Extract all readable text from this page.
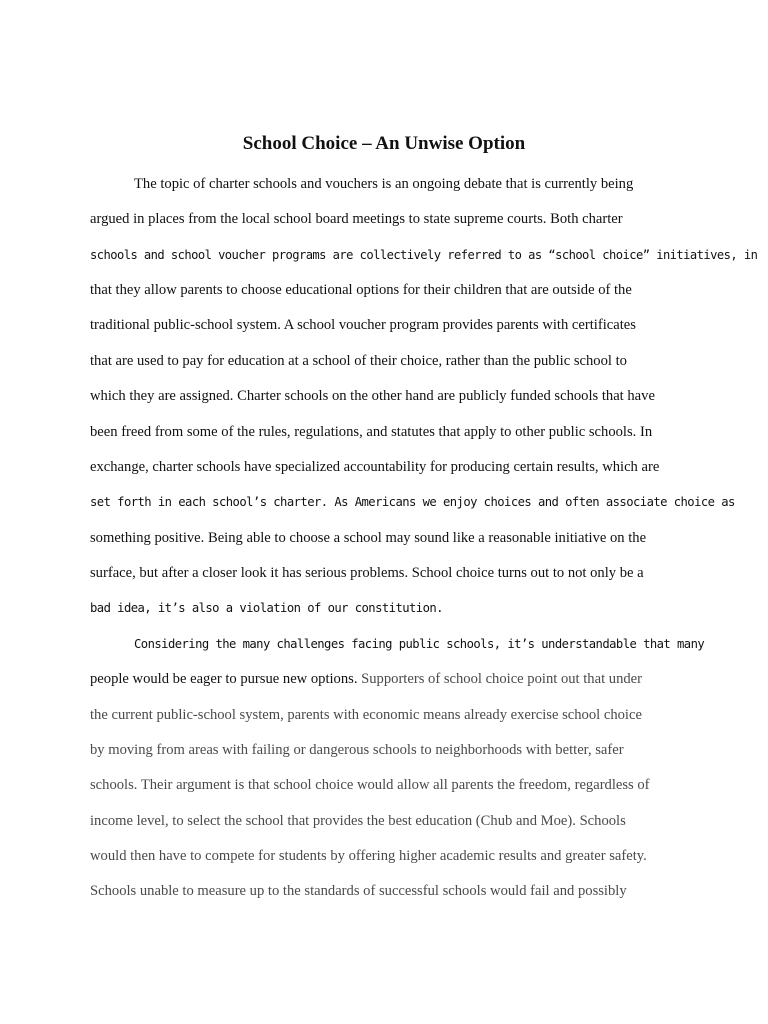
School Choice – An Unwise Option
The topic of charter schools and vouchers is an ongoing debate that is currently being
argued in places from the local school board meetings to state supreme courts. Both charter
schools and school voucher programs are collectively referred to as “school choice” initiatives, in
that they allow parents to choose educational options for their children that are outside of the
traditional public-school system. A school voucher program provides parents with certificates
that are used to pay for education at a school of their choice, rather than the public school to
which they are assigned. Charter schools on the other hand are publicly funded schools that have
been freed from some of the rules, regulations, and statutes that apply to other public schools. In
exchange, charter schools have specialized accountability for producing certain results, which are
set forth in each school’s charter. As Americans we enjoy choices and often associate choice as
something positive. Being able to choose a school may sound like a reasonable initiative on the
surface, but after a closer look it has serious problems. School choice turns out to not only be a
bad idea, it’s also a violation of our constitution.
Considering the many challenges facing public schools, it’s understandable that many
people would be eager to pursue new options. Supporters of school choice point out that under
the current public-school system, parents with economic means already exercise school choice
by moving from areas with failing or dangerous schools to neighborhoods with better, safer
schools. Their argument is that school choice would allow all parents the freedom, regardless of
income level, to select the school that provides the best education (Chub and Moe). Schools
would then have to compete for students by offering higher academic results and greater safety.
Schools unable to measure up to the standards of successful schools would fail and possibly
